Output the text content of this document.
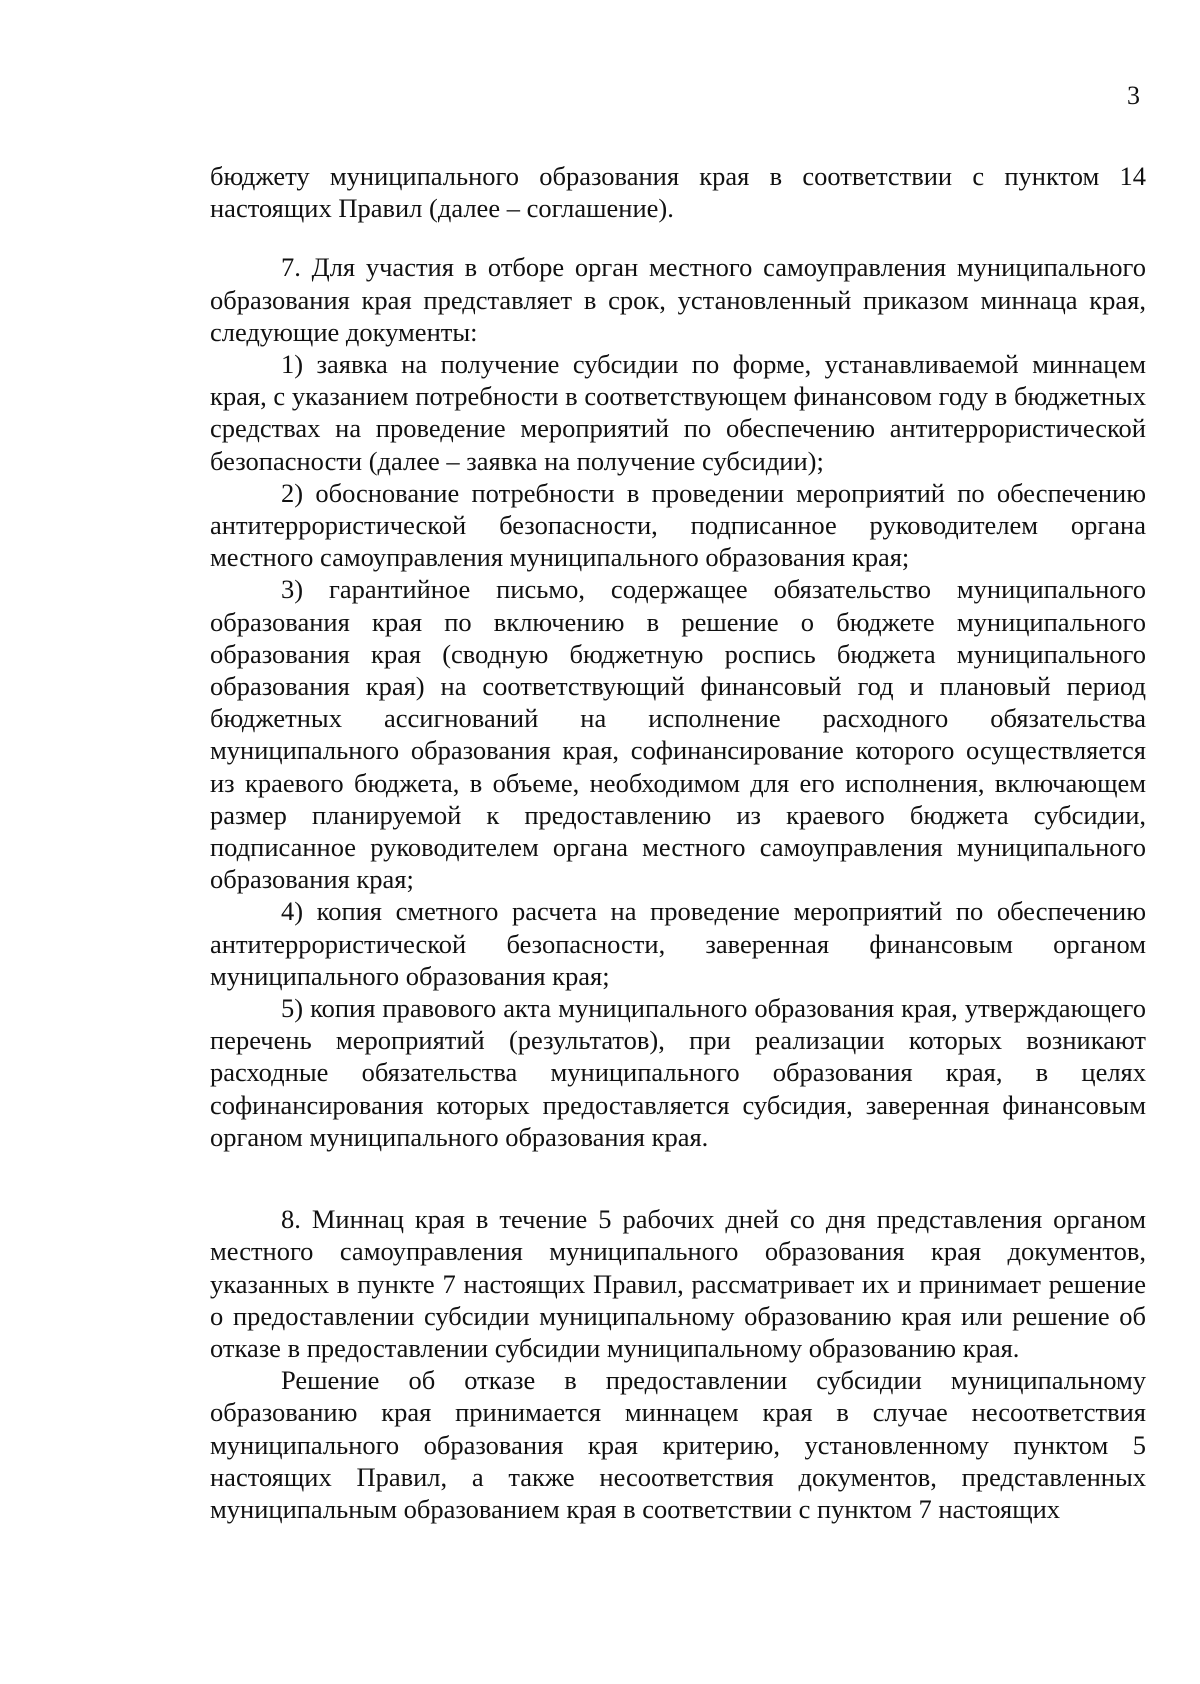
3

бюджету муниципального образования края в соответствии с пунктом 14 настоящих Правил (далее – соглашение).

7. Для участия в отборе орган местного самоуправления муниципального образования края представляет в срок, установленный приказом миннаца края, следующие документы:

1) заявка на получение субсидии по форме, устанавливаемой миннацем края, с указанием потребности в соответствующем финансовом году в бюджетных средствах на проведение мероприятий по обеспечению антитеррористической безопасности (далее – заявка на получение субсидии);

2) обоснование потребности в проведении мероприятий по обеспечению антитеррористической безопасности, подписанное руководителем органа местного самоуправления муниципального образования края;

3) гарантийное письмо, содержащее обязательство муниципального образования края по включению в решение о бюджете муниципального образования края (сводную бюджетную роспись бюджета муниципального образования края) на соответствующий финансовый год и плановый период бюджетных ассигнований на исполнение расходного обязательства муниципального образования края, софинансирование которого осуществляется из краевого бюджета, в объеме, необходимом для его исполнения, включающем размер планируемой к предоставлению из краевого бюджета субсидии, подписанное руководителем органа местного самоуправления муниципального образования края;

4) копия сметного расчета на проведение мероприятий по обеспечению антитеррористической безопасности, заверенная финансовым органом муниципального образования края;

5) копия правового акта муниципального образования края, утверждающего перечень мероприятий (результатов), при реализации которых возникают расходные обязательства муниципального образования края, в целях софинансирования которых предоставляется субсидия, заверенная финансовым органом муниципального образования края.

8. Миннац края в течение 5 рабочих дней со дня представления органом местного самоуправления муниципального образования края документов, указанных в пункте 7 настоящих Правил, рассматривает их и принимает решение о предоставлении субсидии муниципальному образованию края или решение об отказе в предоставлении субсидии муниципальному образованию края.

Решение об отказе в предоставлении субсидии муниципальному образованию края принимается миннацем края в случае несоответствия муниципального образования края критерию, установленному пунктом 5 настоящих Правил, а также несоответствия документов, представленных муниципальным образованием края в соответствии с пунктом 7 настоящих
